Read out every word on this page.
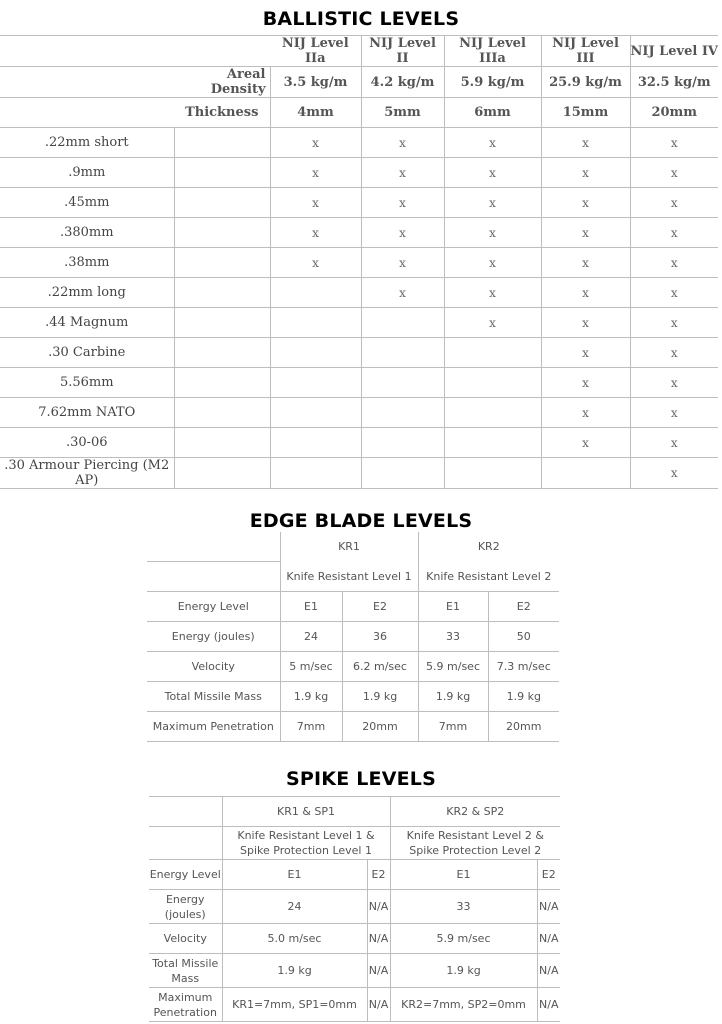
BALLISTIC LEVELS
		NIJ Level IIa	NIJ Level II	NIJ Level IIIa	NIJ Level III	NIJ Level IV
	Areal Density	3.5 kg/m	4.2 kg/m	5.9 kg/m	25.9 kg/m	32.5 kg/m
	Thickness	4mm	5mm	6mm	15mm	20mm
.22mm short		x	x	x	x	x
.9mm		x	x	x	x	x
.45mm		x	x	x	x	x
.380mm		x	x	x	x	x
.38mm		x	x	x	x	x
.22mm long			x	x	x	x
.44 Magnum				x	x	x
.30 Carbine					x	x
5.56mm					x	x
7.62mm NATO					x	x
.30-06					x	x
.30 Armour Piercing (M2 AP)						x
EDGE BLADE LEVELS
	KR1		KR2	
	Knife Resistant Level 1		Knife Resistant Level 2	
Energy Level	E1	E2	E1	E2
Energy (joules)	24	36	33	50
Velocity	5 m/sec	6.2 m/sec	5.9 m/sec	7.3 m/sec
Total Missile Mass	1.9 kg	1.9 kg	1.9 kg	1.9 kg
Maximum Penetration	7mm	20mm	7mm	20mm
SPIKE LEVELS
	KR1 & SP1		KR2 & SP2	
	Knife Resistant Level 1 & Spike Protection Level 1		Knife Resistant Level 2 & Spike Protection Level 2	
Energy Level	E1	E2	E1	E2
Energy (joules)	24	N/A	33	N/A
Velocity	5.0 m/sec	N/A	5.9 m/sec	N/A
Total Missile Mass	1.9 kg	N/A	1.9 kg	N/A
Maximum Penetration	KR1=7mm, SP1=0mm	N/A	KR2=7mm, SP2=0mm	N/A
